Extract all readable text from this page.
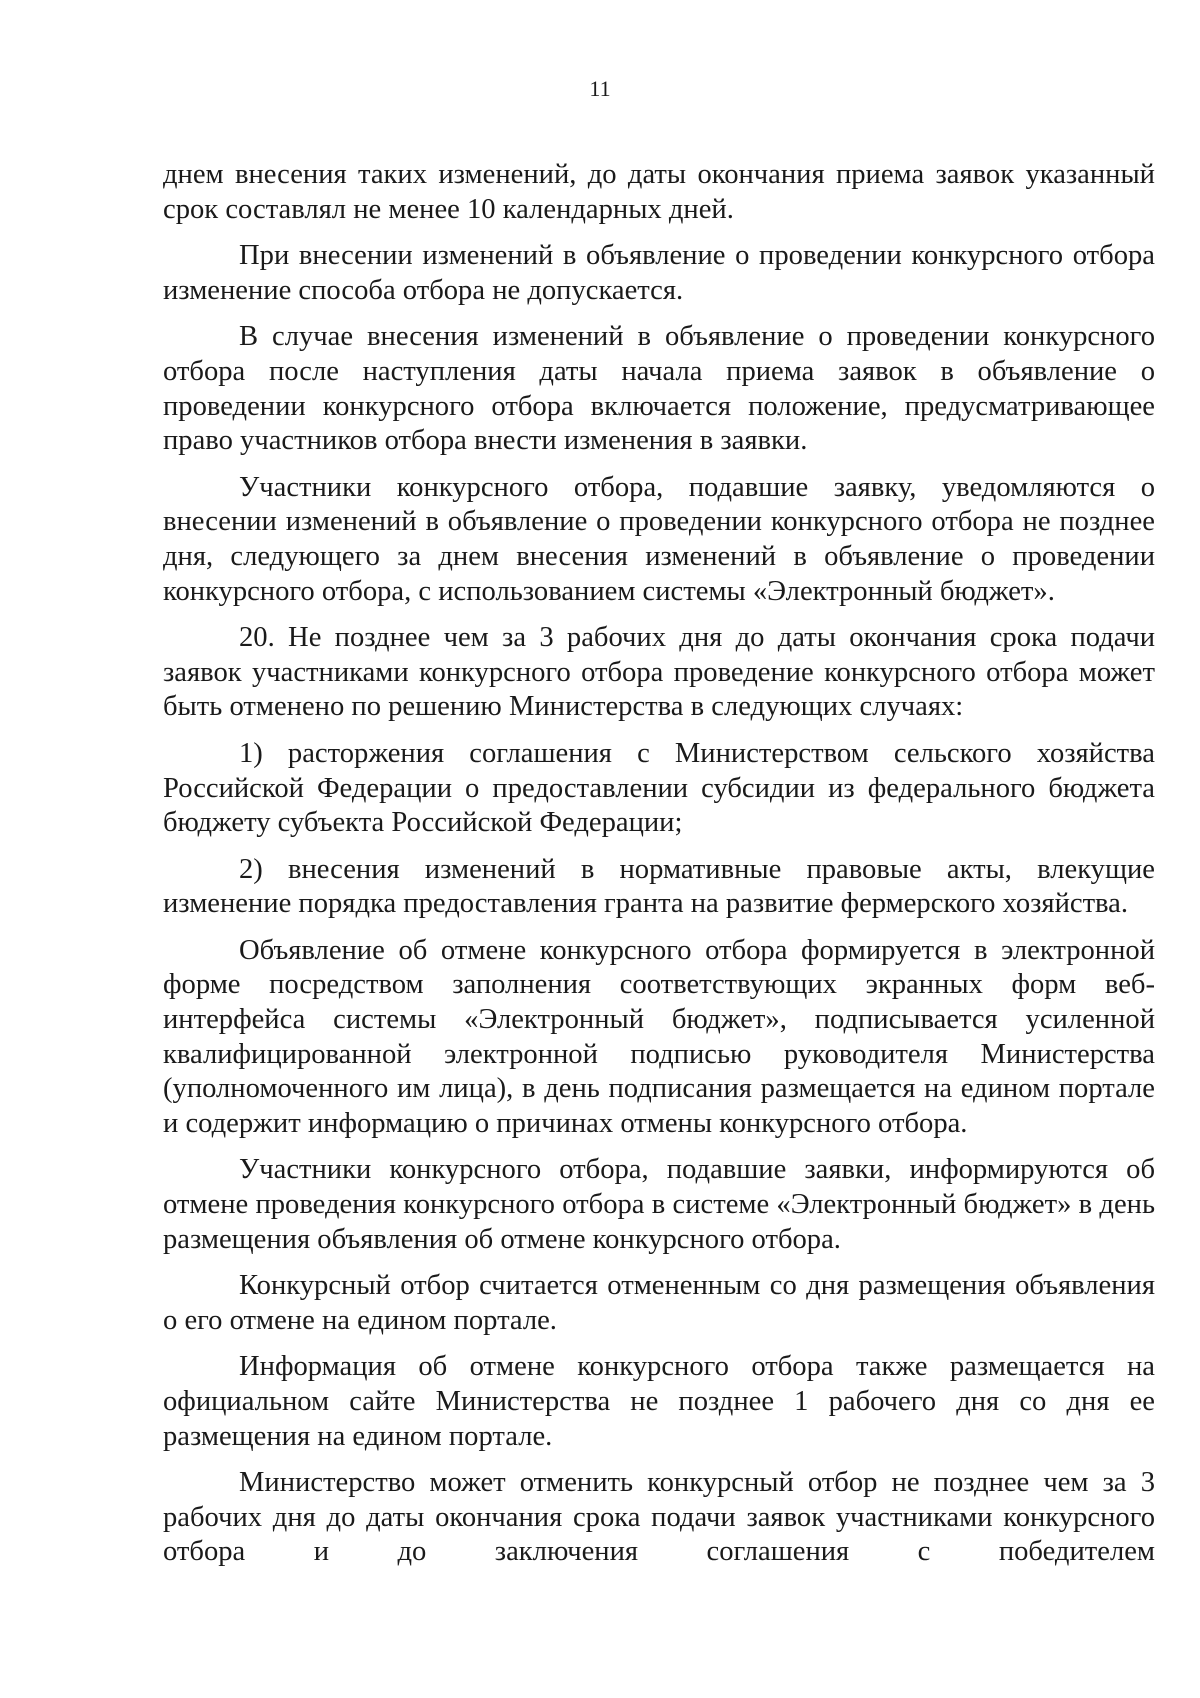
11

днем внесения таких изменений, до даты окончания приема заявок указанный срок составлял не менее 10 календарных дней.

При внесении изменений в объявление о проведении конкурсного отбора изменение способа отбора не допускается.

В случае внесения изменений в объявление о проведении конкурсного отбора после наступления даты начала приема заявок в объявление о проведении конкурсного отбора включается положение, предусматривающее право участников отбора внести изменения в заявки.

Участники конкурсного отбора, подавшие заявку, уведомляются о внесении изменений в объявление о проведении конкурсного отбора не позднее дня, следующего за днем внесения изменений в объявление о проведении конкурсного отбора, с использованием системы «Электронный бюджет».

20. Не позднее чем за 3 рабочих дня до даты окончания срока подачи заявок участниками конкурсного отбора проведение конкурсного отбора может быть отменено по решению Министерства в следующих случаях:

1) расторжения соглашения с Министерством сельского хозяйства Российской Федерации о предоставлении субсидии из федерального бюджета бюджету субъекта Российской Федерации;

2) внесения изменений в нормативные правовые акты, влекущие изменение порядка предоставления гранта на развитие фермерского хозяйства.

Объявление об отмене конкурсного отбора формируется в электронной форме посредством заполнения соответствующих экранных форм веб-интерфейса системы «Электронный бюджет», подписывается усиленной квалифицированной электронной подписью руководителя Министерства (уполномоченного им лица), в день подписания размещается на едином портале и содержит информацию о причинах отмены конкурсного отбора.

Участники конкурсного отбора, подавшие заявки, информируются об отмене проведения конкурсного отбора в системе «Электронный бюджет» в день размещения объявления об отмене конкурсного отбора.

Конкурсный отбор считается отмененным со дня размещения объявления о его отмене на едином портале.

Информация об отмене конкурсного отбора также размещается на официальном сайте Министерства не позднее 1 рабочего дня со дня ее размещения на едином портале.

Министерство может отменить конкурсный отбор не позднее чем за 3 рабочих дня до даты окончания срока подачи заявок участниками конкурсного отбора и до заключения соглашения с победителем
